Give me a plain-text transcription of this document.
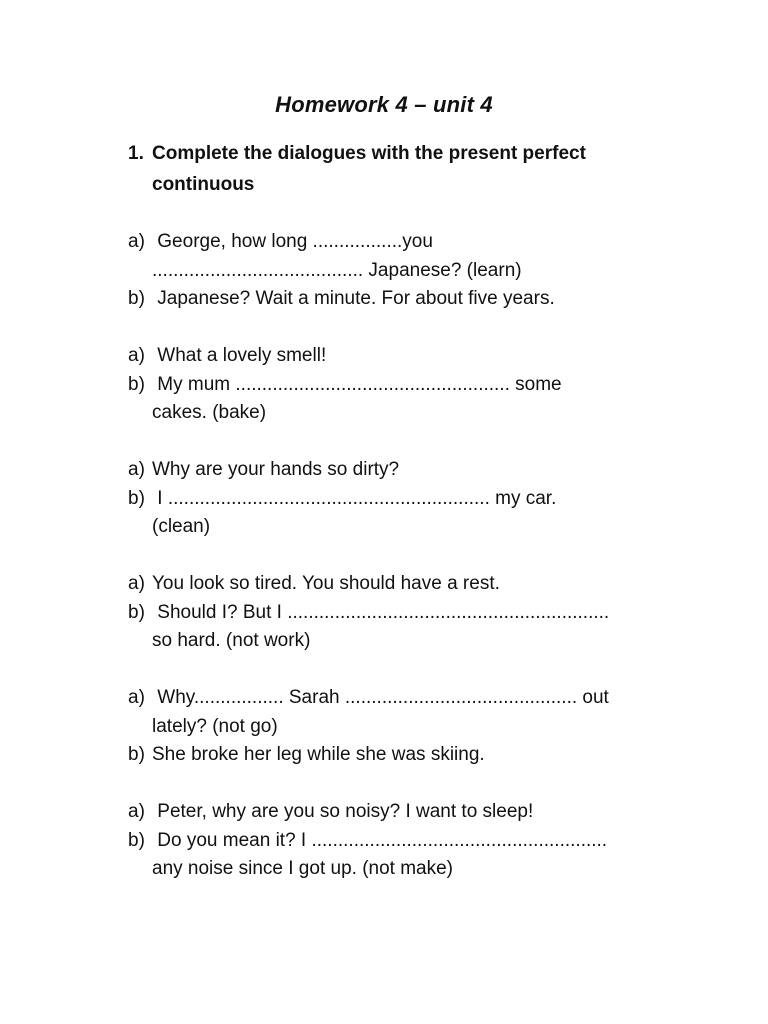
Homework 4 – unit 4
1. Complete the dialogues with the present perfect
continuous
a) George, how long .................you
........................................ Japanese? (learn)
b) Japanese? Wait a minute. For about five years.
a) What a lovely smell!
b) My mum .................................................... some
cakes. (bake)
a) Why are your hands so dirty?
b) I ............................................................. my car.
(clean)
a) You look so tired. You should have a rest.
b) Should I? But I .............................................................
so hard. (not work)
a) Why................. Sarah ............................................ out
lately? (not go)
b) She broke her leg while she was skiing.
a) Peter, why are you so noisy? I want to sleep!
b) Do you mean it? I ........................................................
any noise since I got up. (not make)
